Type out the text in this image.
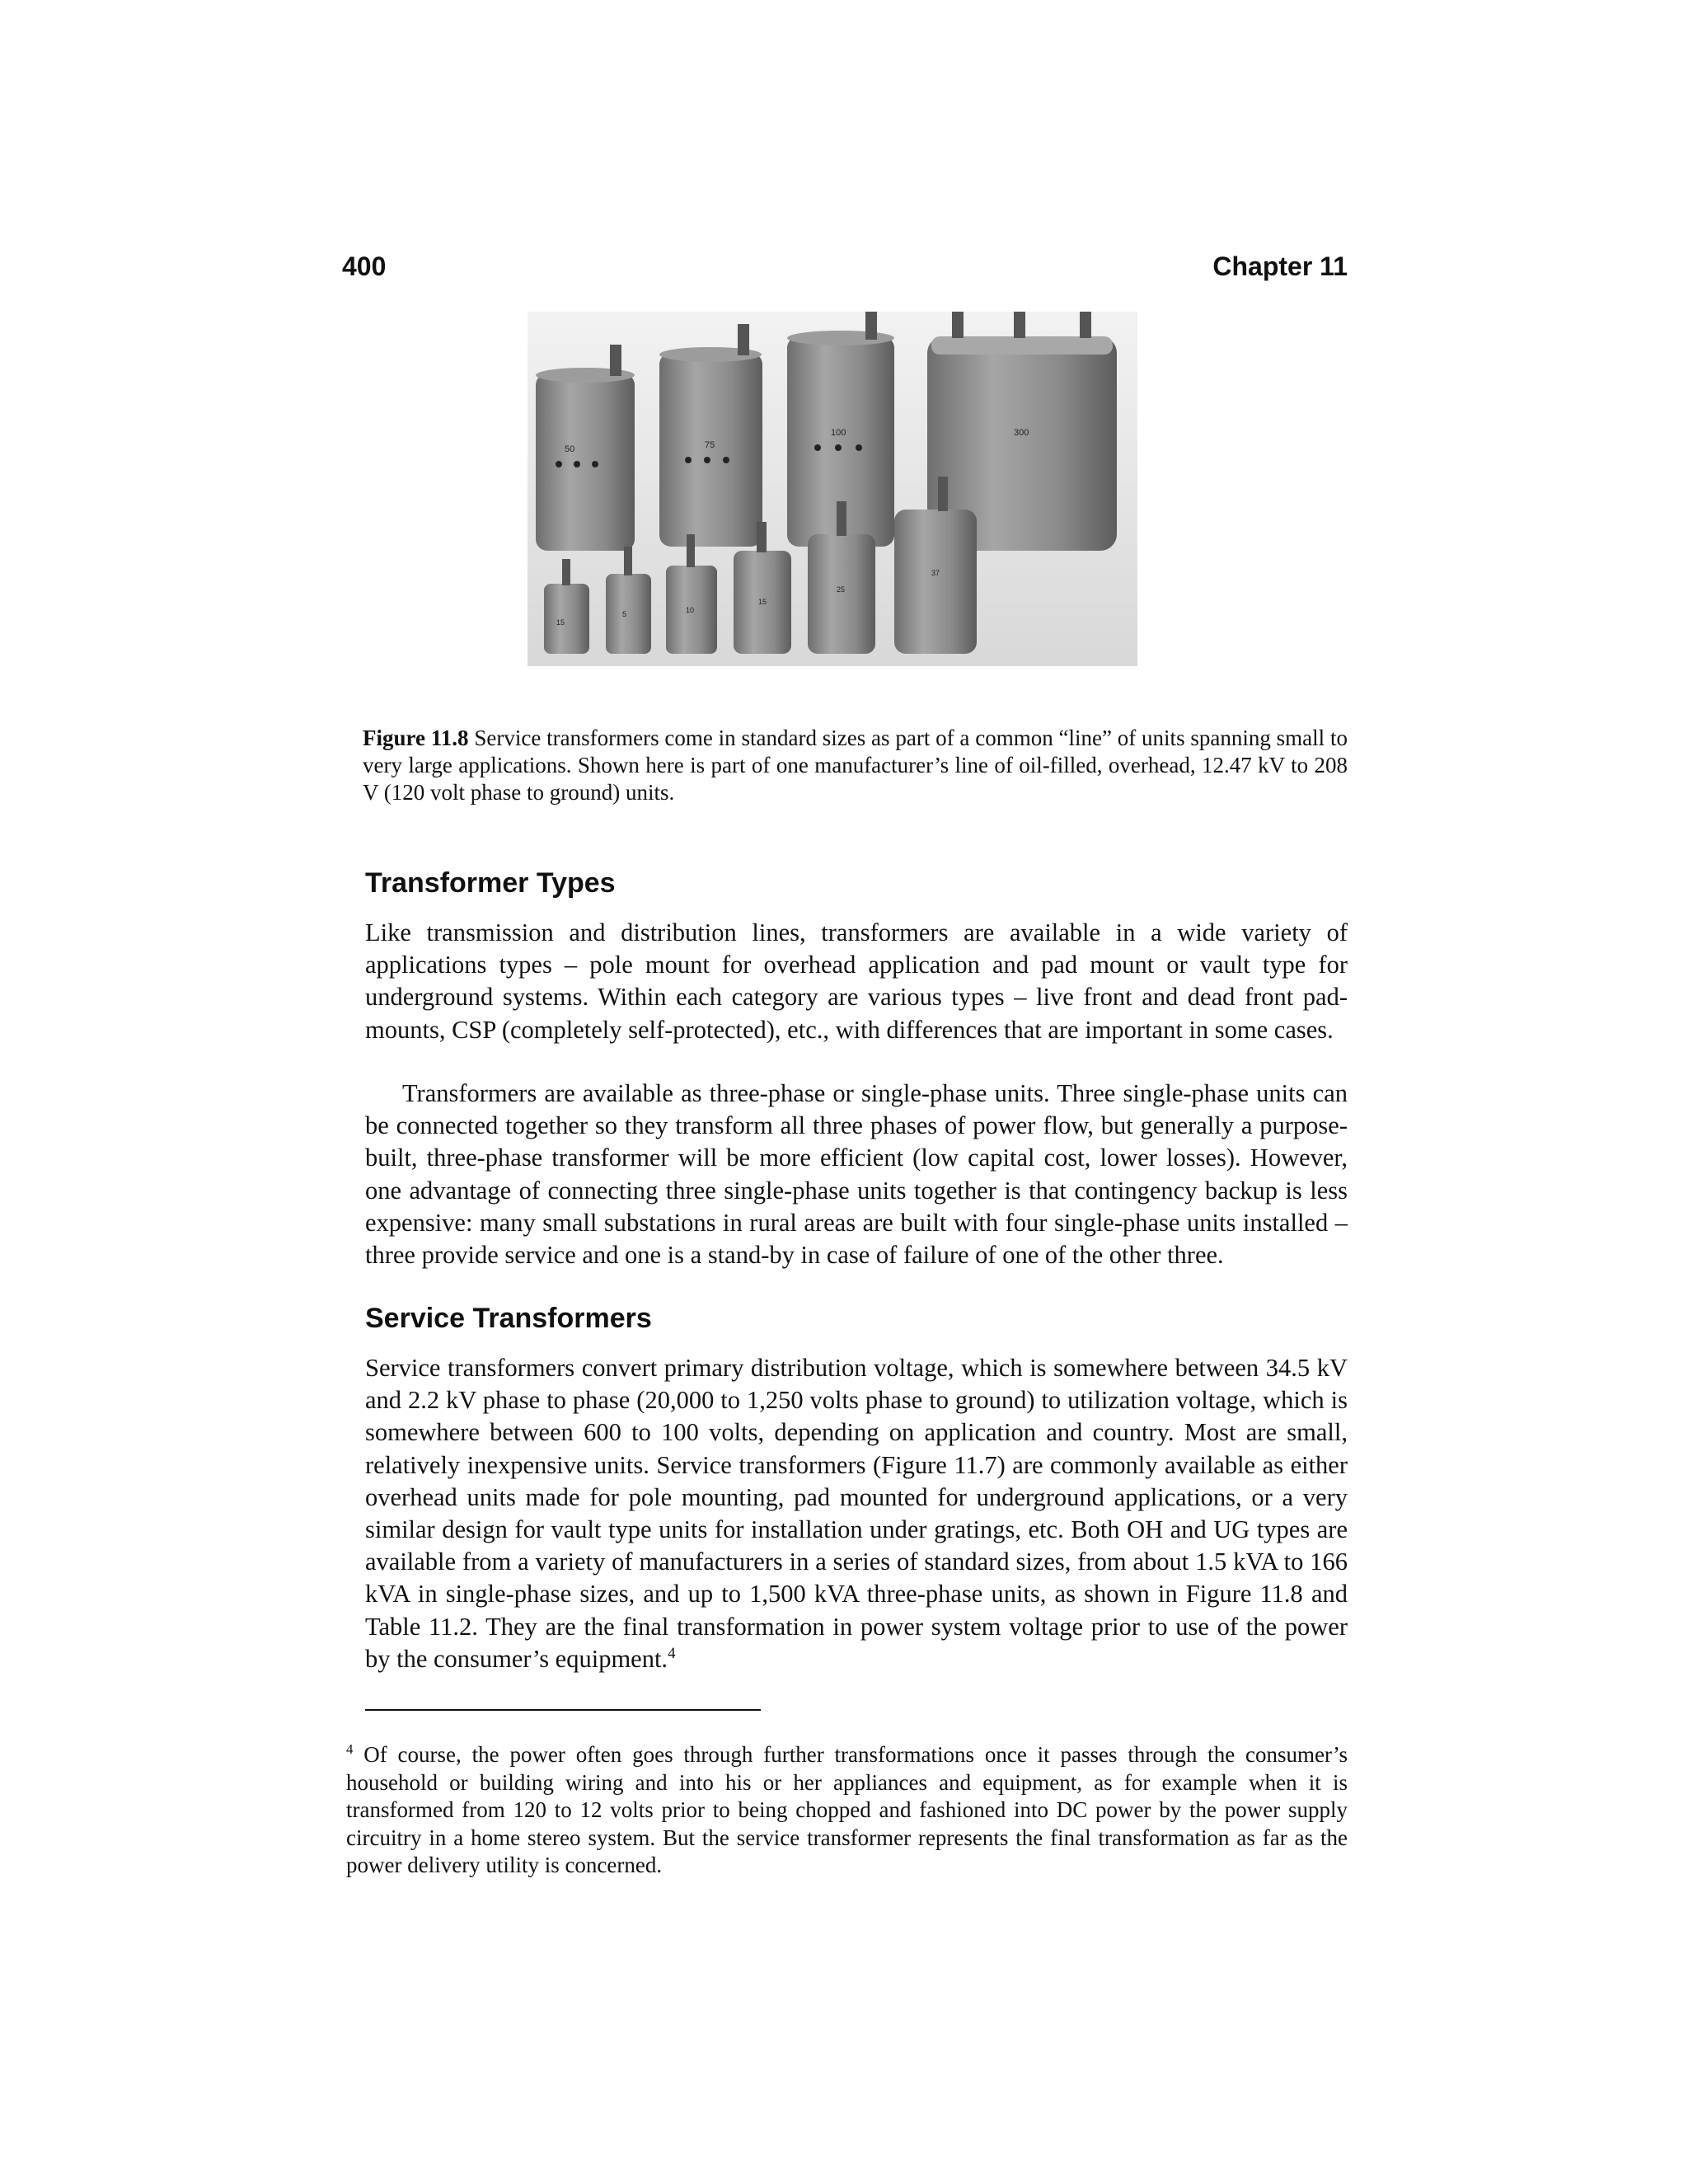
400	Chapter 11
50	75
100	300
15
5	10
15
25
37

Figure 11.8 Service transformers come in standard sizes as part of a common “line” of units spanning small to very large applications. Shown here is part of one manufacturer’s line of oil-filled, overhead, 12.47 kV to 208 V (120 volt phase to ground) units.

Transformer Types

Like transmission and distribution lines, transformers are available in a wide variety of applications types – pole mount for overhead application and pad mount or vault type for underground systems. Within each category are various types – live front and dead front pad-mounts, CSP (completely self-protected), etc., with differences that are important in some cases.

Transformers are available as three-phase or single-phase units. Three single-phase units can be connected together so they transform all three phases of power flow, but generally a purpose-built, three-phase transformer will be more efficient (low capital cost, lower losses). However, one advantage of connecting three single-phase units together is that contingency backup is less expensive: many small substations in rural areas are built with four single-phase units installed – three provide service and one is a stand-by in case of failure of one of the other three.

Service Transformers

Service transformers convert primary distribution voltage, which is somewhere between 34.5 kV and 2.2 kV phase to phase (20,000 to 1,250 volts phase to ground) to utilization voltage, which is somewhere between 600 to 100 volts, depending on application and country. Most are small, relatively inexpensive units. Service transformers (Figure 11.7) are commonly available as either overhead units made for pole mounting, pad mounted for underground applications, or a very similar design for vault type units for installation under gratings, etc. Both OH and UG types are available from a variety of manufacturers in a series of standard sizes, from about 1.5 kVA to 166 kVA in single-phase sizes, and up to 1,500 kVA three-phase units, as shown in Figure 11.8 and Table 11.2. They are the final transformation in power system voltage prior to use of the power by the consumer’s equipment.$^4$

$^4$ Of course, the power often goes through further transformations once it passes through the consumer’s household or building wiring and into his or her appliances and equipment, as for example when it is transformed from 120 to 12 volts prior to being chopped and fashioned into DC power by the power supply circuitry in a home stereo system. But the service transformer represents the final transformation as far as the power delivery utility is concerned.
